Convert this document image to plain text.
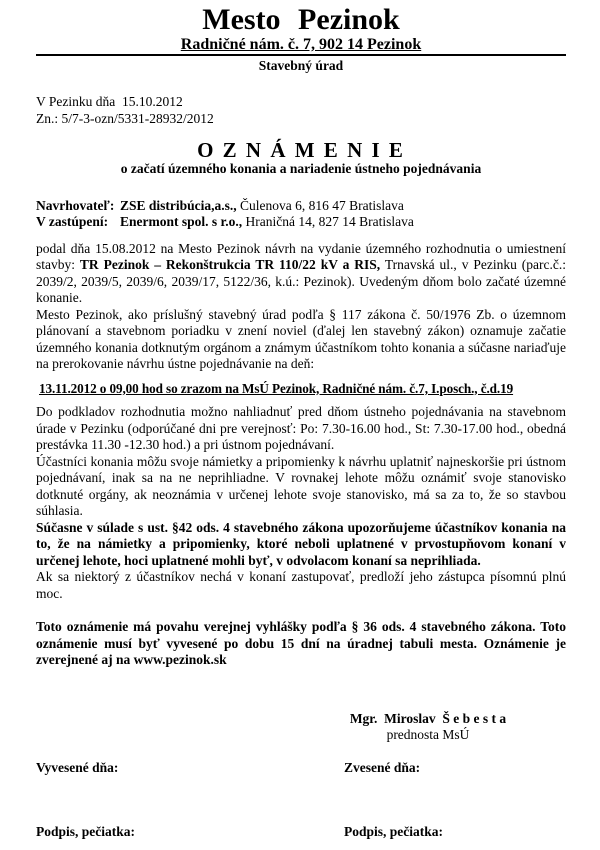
Mesto Pezinok
Radničné nám. č. 7, 902 14 Pezinok
Stavebný úrad
V Pezinku dňa  15.10.2012
Zn.: 5/7-3-ozn/5331-28932/2012
O Z N Á M E N I E
o začatí územného konania a nariadenie ústneho pojednávania
Navrhovateľ: ZSE distribúcia,a.s., Čulenova 6, 816 47 Bratislava
V zastúpení: Enermont spol. s r.o., Hraničná 14, 827 14 Bratislava

podal dňa 15.08.2012 na Mesto Pezinok návrh na vydanie územného rozhodnutia o umiestnení stavby: TR Pezinok – Rekonštrukcia TR 110/22 kV a RIS, Trnavská ul., v Pezinku (parc.č.: 2039/2, 2039/5, 2039/6, 2039/17, 5122/36, k.ú.: Pezinok). Uvedeným dňom bolo začaté územné konanie.

Mesto Pezinok, ako príslušný stavebný úrad podľa § 117 zákona č. 50/1976 Zb. o územnom plánovaní a stavebnom poriadku v znení noviel (ďalej len stavebný zákon) oznamuje začatie územného konania dotknutým orgánom a známym účastníkom tohto konania a súčasne nariaďuje na prerokovanie návrhu ústne pojednávanie na deň:

13.11.2012 o 09,00 hod so zrazom na MsÚ Pezinok, Radničné nám. č.7, I.posch., č.d.19

Do podkladov rozhodnutia možno nahliadnuť pred dňom ústneho pojednávania na stavebnom úrade v Pezinku (odporúčané dni pre verejnosť: Po: 7.30-16.00 hod., St: 7.30-17.00 hod., obedná prestávka 11.30 -12.30 hod.) a pri ústnom pojednávaní.

Účastníci konania môžu svoje námietky a pripomienky k návrhu uplatniť najneskoršie pri ústnom pojednávaní, inak sa na ne neprihliadne. V rovnakej lehote môžu oznámiť svoje stanovisko dotknuté orgány, ak neoznámia v určenej lehote svoje stanovisko, má sa za to, že so stavbou súhlasia.

Súčasne v súlade s ust. §42 ods. 4 stavebného zákona upozorňujeme účastníkov konania na to, že na námietky a pripomienky, ktoré neboli uplatnené v prvostupňovom konaní v určenej lehote, hoci uplatnené mohli byť, v odvolacom konaní sa neprihliada.

Ak sa niektorý z účastníkov nechá v konaní zastupovať, predloží jeho zástupca písomnú plnú moc.

Toto oznámenie má povahu verejnej vyhlášky podľa § 36 ods. 4 stavebného zákona. Toto oznámenie musí byť vyvesené po dobu 15 dní na úradnej tabuli mesta. Oznámenie je zverejnené aj na www.pezinok.sk

Mgr.  Miroslav  Š e b e s t a
prednosta MsÚ
Vyvesené dňa:	Zvesené dňa:
Podpis, pečiatka:	Podpis, pečiatka:
